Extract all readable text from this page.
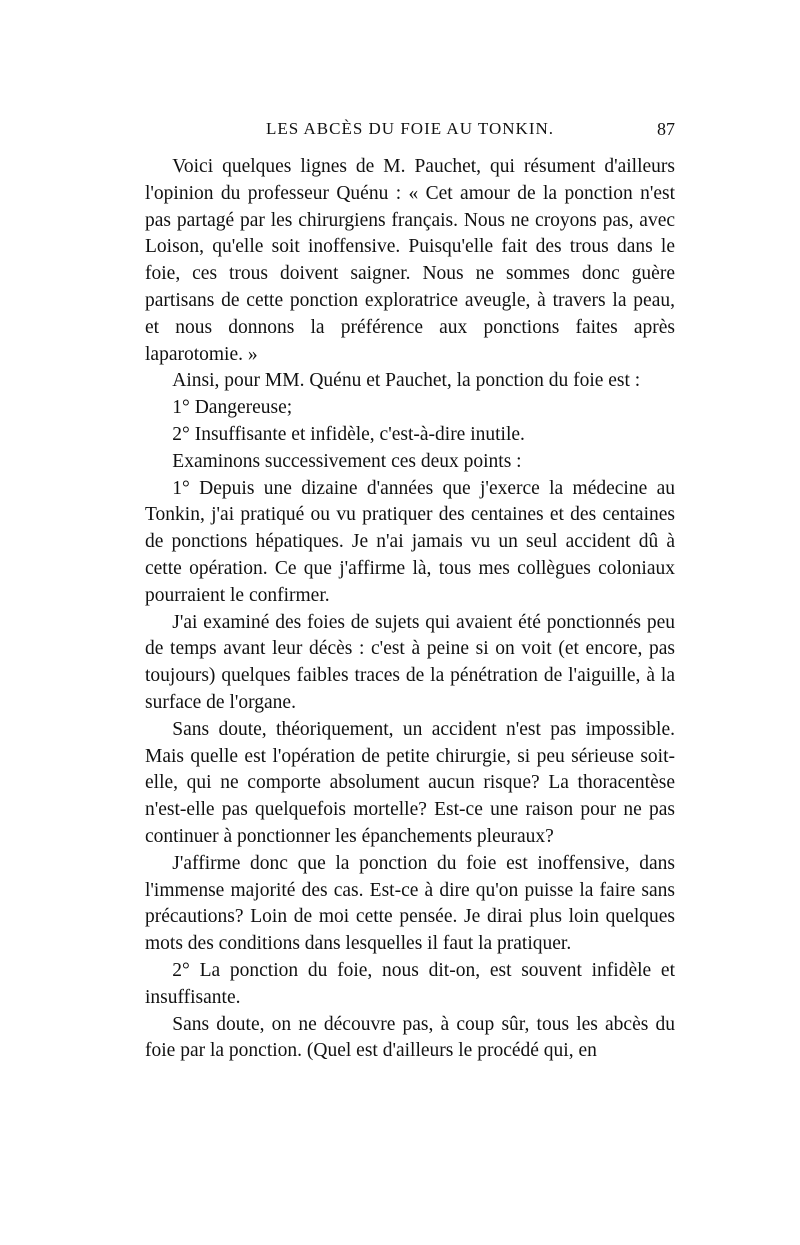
LES ABCÈS DU FOIE AU TONKIN.	87

Voici quelques lignes de M. Pauchet, qui résument d'ailleurs l'opinion du professeur Quénu : « Cet amour de la ponction n'est pas partagé par les chirurgiens français. Nous ne croyons pas, avec Loison, qu'elle soit inoffensive. Puisqu'elle fait des trous dans le foie, ces trous doivent saigner. Nous ne sommes donc guère partisans de cette ponction exploratrice aveugle, à travers la peau, et nous donnons la préférence aux ponctions faites après laparotomie. »

Ainsi, pour MM. Quénu et Pauchet, la ponction du foie est :

1° Dangereuse;

2° Insuffisante et infidèle, c'est-à-dire inutile.

Examinons successivement ces deux points :

1° Depuis une dizaine d'années que j'exerce la médecine au Tonkin, j'ai pratiqué ou vu pratiquer des centaines et des centaines de ponctions hépatiques. Je n'ai jamais vu un seul accident dû à cette opération. Ce que j'affirme là, tous mes collègues coloniaux pourraient le confirmer.

J'ai examiné des foies de sujets qui avaient été ponctionnés peu de temps avant leur décès : c'est à peine si on voit (et encore, pas toujours) quelques faibles traces de la pénétration de l'aiguille, à la surface de l'organe.

Sans doute, théoriquement, un accident n'est pas impossible. Mais quelle est l'opération de petite chirurgie, si peu sérieuse soit-elle, qui ne comporte absolument aucun risque? La thoracentèse n'est-elle pas quelquefois mortelle? Est-ce une raison pour ne pas continuer à ponctionner les épanchements pleuraux?

J'affirme donc que la ponction du foie est inoffensive, dans l'immense majorité des cas. Est-ce à dire qu'on puisse la faire sans précautions? Loin de moi cette pensée. Je dirai plus loin quelques mots des conditions dans lesquelles il faut la pratiquer.

2° La ponction du foie, nous dit-on, est souvent infidèle et insuffisante.

Sans doute, on ne découvre pas, à coup sûr, tous les abcès du foie par la ponction. (Quel est d'ailleurs le procédé qui, en
